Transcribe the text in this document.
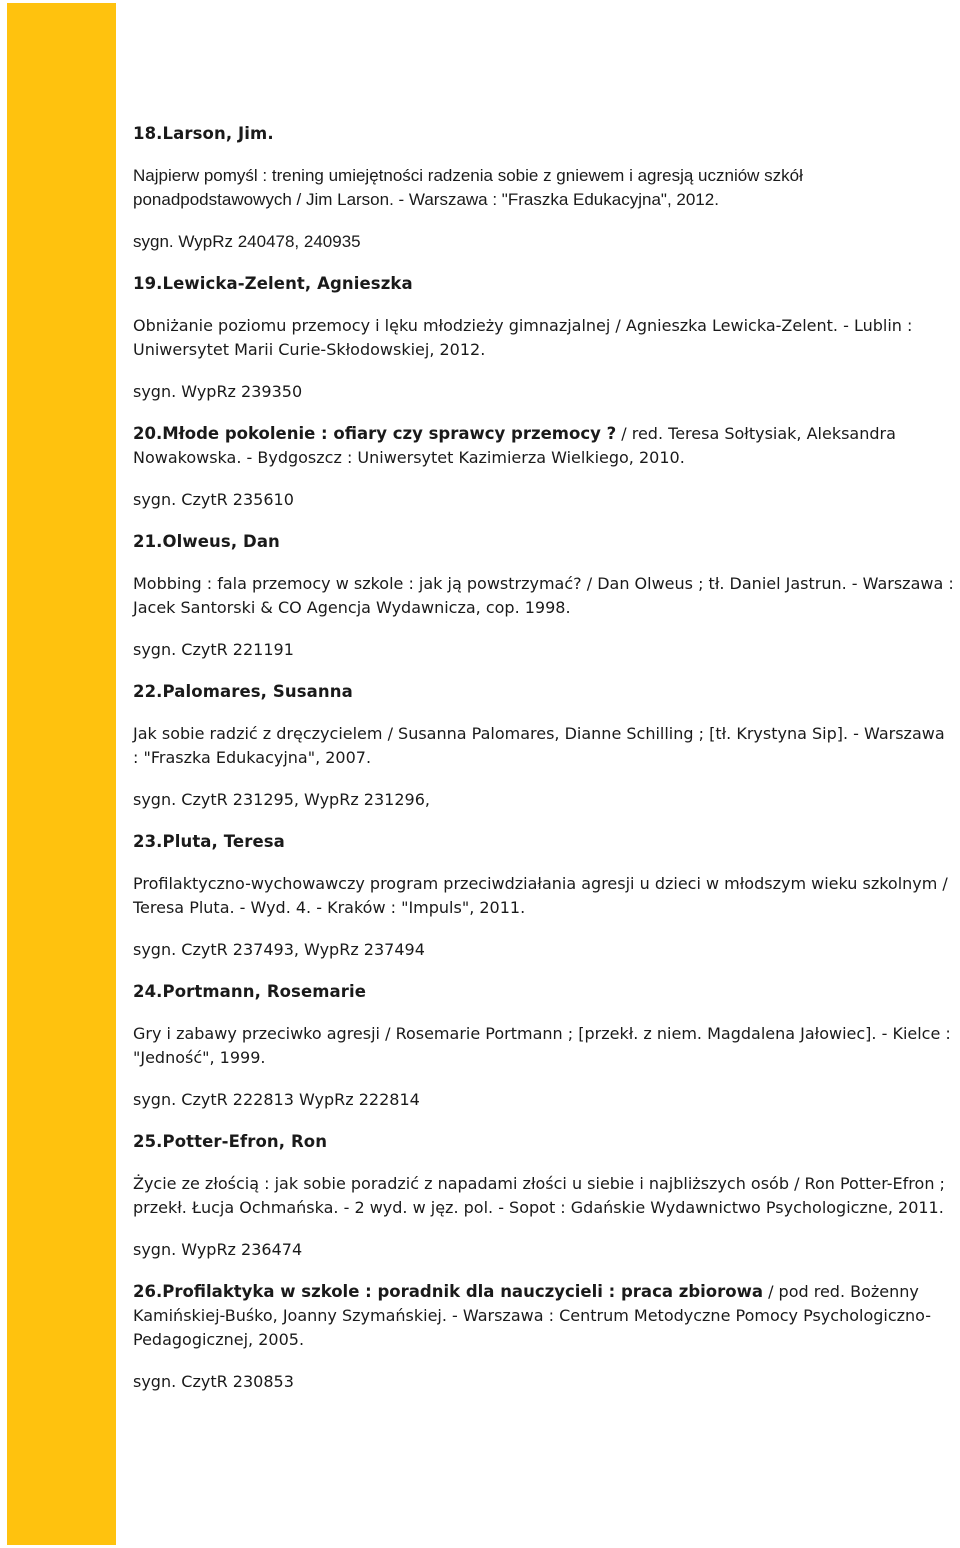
18.Larson, Jim.
Najpierw pomyśl : trening umiejętności radzenia sobie z gniewem i agresją uczniów szkół ponadpodstawowych / Jim Larson. - Warszawa : "Fraszka Edukacyjna", 2012.
sygn. WypRz 240478, 240935
19.Lewicka-Zelent, Agnieszka
Obniżanie poziomu przemocy i lęku młodzieży gimnazjalnej / Agnieszka Lewicka-Zelent. - Lublin : Uniwersytet Marii Curie-Skłodowskiej, 2012.
sygn. WypRz 239350
20.Młode pokolenie : ofiary czy sprawcy przemocy ? / red. Teresa Sołtysiak, Aleksandra Nowakowska. - Bydgoszcz : Uniwersytet Kazimierza Wielkiego, 2010.
sygn. CzytR 235610
21.Olweus, Dan
Mobbing : fala przemocy w szkole : jak ją powstrzymać? / Dan Olweus ; tł. Daniel Jastrun. - Warszawa : Jacek Santorski & CO Agencja Wydawnicza, cop. 1998.
sygn. CzytR 221191
22.Palomares, Susanna
Jak sobie radzić z dręczycielem / Susanna Palomares, Dianne Schilling ; [tł. Krystyna Sip]. - Warszawa : "Fraszka Edukacyjna", 2007.
sygn. CzytR 231295, WypRz 231296,
23.Pluta, Teresa
Profilaktyczno-wychowawczy program przeciwdziałania agresji u dzieci w młodszym wieku szkolnym / Teresa Pluta. - Wyd. 4. - Kraków : "Impuls", 2011.
sygn. CzytR 237493, WypRz 237494
24.Portmann, Rosemarie
Gry i zabawy przeciwko agresji / Rosemarie Portmann ; [przekł. z niem. Magdalena Jałowiec]. - Kielce : "Jedność", 1999.
sygn. CzytR 222813 WypRz 222814
25.Potter-Efron, Ron
Życie ze złością : jak sobie poradzić z napadami złości u siebie i najbliższych osób / Ron Potter-Efron ; przekł. Łucja Ochmańska. - 2 wyd. w jęz. pol. - Sopot : Gdańskie Wydawnictwo Psychologiczne, 2011.
sygn. WypRz 236474
26.Profilaktyka w szkole : poradnik dla nauczycieli : praca zbiorowa / pod red. Bożenny Kamińskiej-Buśko, Joanny Szymańskiej. - Warszawa : Centrum Metodyczne Pomocy Psychologiczno-Pedagogicznej, 2005.
sygn. CzytR 230853
